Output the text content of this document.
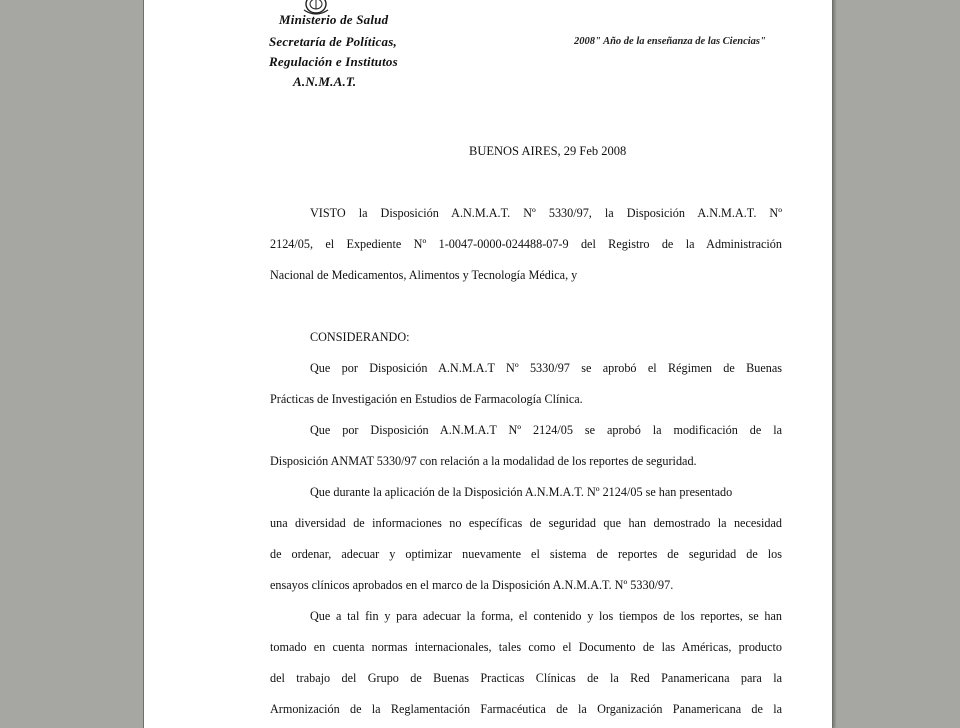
Ministerio de Salud
Secretaría de Políticas,
Regulación e Institutos
A.N.M.A.T.
2008" Año de la enseñanza de las Ciencias"
BUENOS AIRES, 29 Feb 2008
VISTO la Disposición A.N.M.A.T. Nº 5330/97, la Disposición A.N.M.A.T. Nº
2124/05, el Expediente Nº 1-0047-0000-024488-07-9 del Registro de la Administración
Nacional de Medicamentos, Alimentos y Tecnología Médica, y
CONSIDERANDO:
Que por Disposición A.N.M.A.T Nº 5330/97 se aprobó el Régimen de Buenas
Prácticas de Investigación en Estudios de Farmacología Clínica.
Que por Disposición A.N.M.A.T Nº 2124/05 se aprobó la modificación de la
Disposición ANMAT 5330/97 con relación a la modalidad de los reportes de seguridad.
Que durante la aplicación de la Disposición A.N.M.A.T. Nº 2124/05 se han presentado
una diversidad de informaciones no específicas de seguridad que han demostrado la necesidad
de ordenar, adecuar y optimizar nuevamente el sistema de reportes de seguridad de los
ensayos clínicos aprobados en el marco de la Disposición A.N.M.A.T. Nº 5330/97.
Que a tal fin y para adecuar la forma, el contenido y los tiempos de los reportes, se han
tomado en cuenta normas internacionales, tales como el Documento de las Américas, producto
del trabajo del Grupo de Buenas Practicas Clínicas de la Red Panamericana para la
Armonización de la Reglamentación Farmacéutica de la Organización Panamericana de la
